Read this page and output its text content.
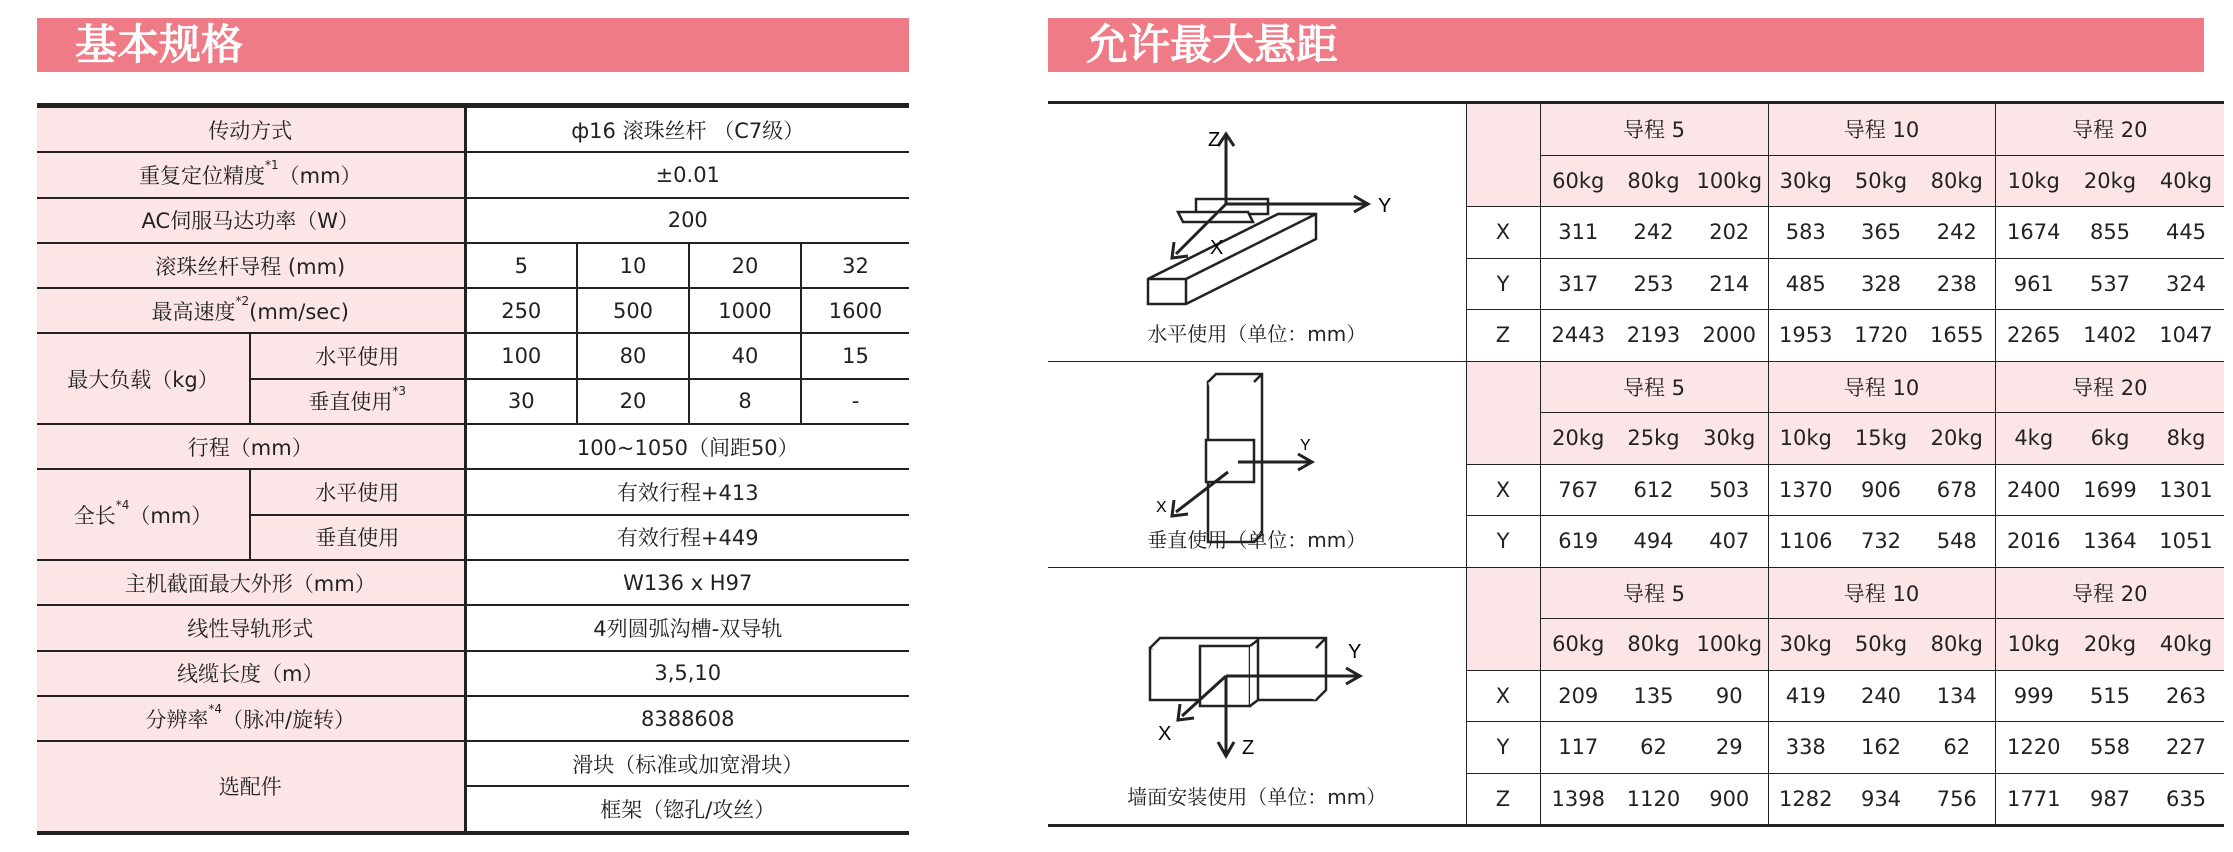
基本规格	允许最大悬距
传动方式		ф16 滚珠丝杆 （C7级）			
重复定位精度$^{*1}$（mm）		±0.01			
AC伺服马达功率（W）		200			
滚珠丝杆导程 (mm)		5	10	20	32
最高速度$^{*2}$(mm/sec)		250	500	1000	1600
最大负载（kg）	水平使用	100	80	40	15
	垂直使用$^{*3}$	30	20	8	-
行程（mm）		100~1050（间距50）			
全长$^{*4}$（mm）	水平使用	有效行程+413			
	垂直使用	有效行程+449			
主机截面最大外形（mm）		W136 x H97			
线性导轨形式		4列圆弧沟槽-双导轨			
线缆长度（m）		3,5,10			
分辨率$^{*4}$（脉冲/旋转）		8388608			
选配件		滑块（标准或加宽滑块）			
		框架（锪孔/攻丝）			
Z
Y
X
水平使用（单位：mm）		导程 5			导程 10			导程 20		
		60kg	80kg	100kg	30kg	50kg	80kg	10kg	20kg	40kg
	X	311	242	202	583	365	242	1674	855	445
	Y	317	253	214	485	328	238	961	537	324
	Z	2443	2193	2000	1953	1720	1655	2265	1402	1047

Y
X
垂直使用（单位：mm）		导程 5			导程 10			导程 20		
		20kg	25kg	30kg	10kg	15kg	20kg	4kg	6kg	8kg
	X	767	612	503	1370	906	678	2400	1699	1301
	Y	619	494	407	1106	732	548	2016	1364	1051

Y
X
Z
墙面安装使用（单位：mm）		导程 5			导程 10			导程 20		
		60kg	80kg	100kg	30kg	50kg	80kg	10kg	20kg	40kg
	X	209	135	90	419	240	134	999	515	263
	Y	117	62	29	338	162	62	1220	558	227
	Z	1398	1120	900	1282	934	756	1771	987	635
